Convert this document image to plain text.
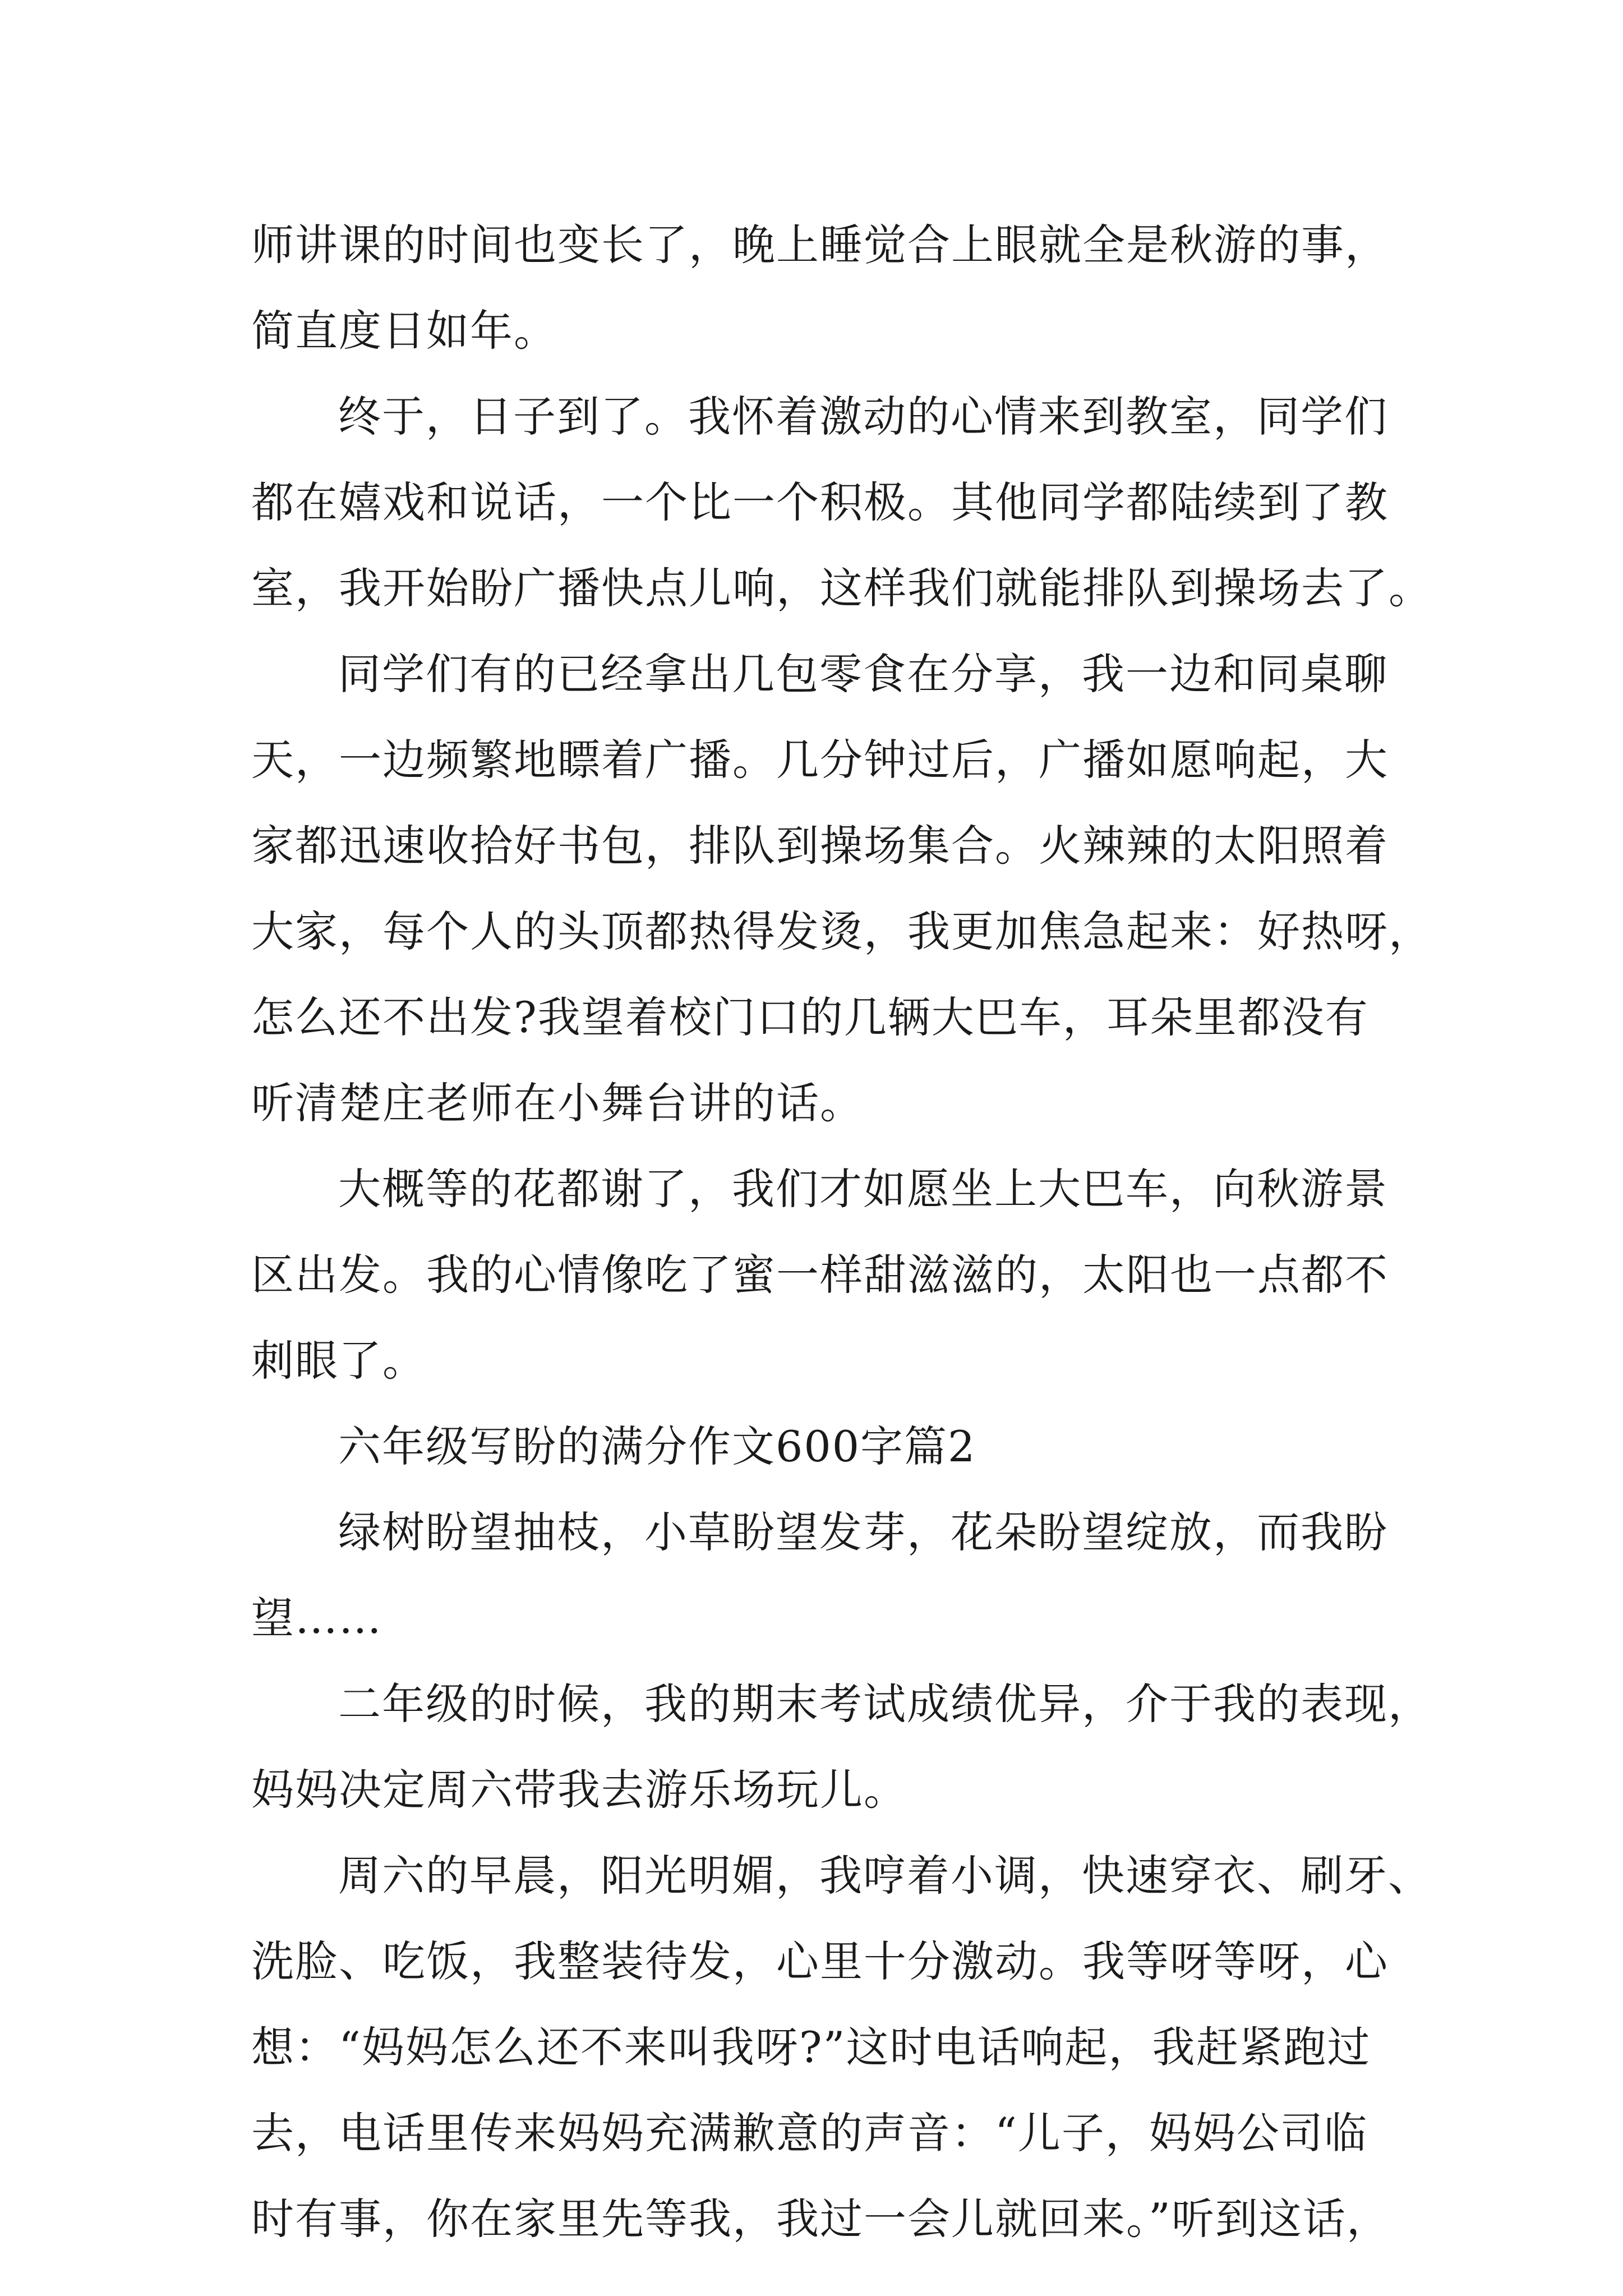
师讲课的时间也变长了，晚上睡觉合上眼就全是秋游的事，
简直度日如年。
终于，日子到了。我怀着激动的心情来到教室，同学们
都在嬉戏和说话，一个比一个积极。其他同学都陆续到了教
室，我开始盼广播快点儿响，这样我们就能排队到操场去了。
同学们有的已经拿出几包零食在分享，我一边和同桌聊
天，一边频繁地瞟着广播。几分钟过后，广播如愿响起，大
家都迅速收拾好书包，排队到操场集合。火辣辣的太阳照着
大家，每个人的头顶都热得发烫，我更加焦急起来：好热呀，
怎么还不出发?我望着校门口的几辆大巴车，耳朵里都没有
听清楚庄老师在小舞台讲的话。
大概等的花都谢了，我们才如愿坐上大巴车，向秋游景
区出发。我的心情像吃了蜜一样甜滋滋的，太阳也一点都不
刺眼了。
六年级写盼的满分作文600字篇2
绿树盼望抽枝，小草盼望发芽，花朵盼望绽放，而我盼
望……
二年级的时候，我的期末考试成绩优异，介于我的表现，
妈妈决定周六带我去游乐场玩儿。
周六的早晨，阳光明媚，我哼着小调，快速穿衣、刷牙、
洗脸、吃饭，我整装待发，心里十分激动。我等呀等呀，心
想：“妈妈怎么还不来叫我呀?”这时电话响起，我赶紧跑过
去，电话里传来妈妈充满歉意的声音：“儿子，妈妈公司临
时有事，你在家里先等我，我过一会儿就回来。”听到这话，
